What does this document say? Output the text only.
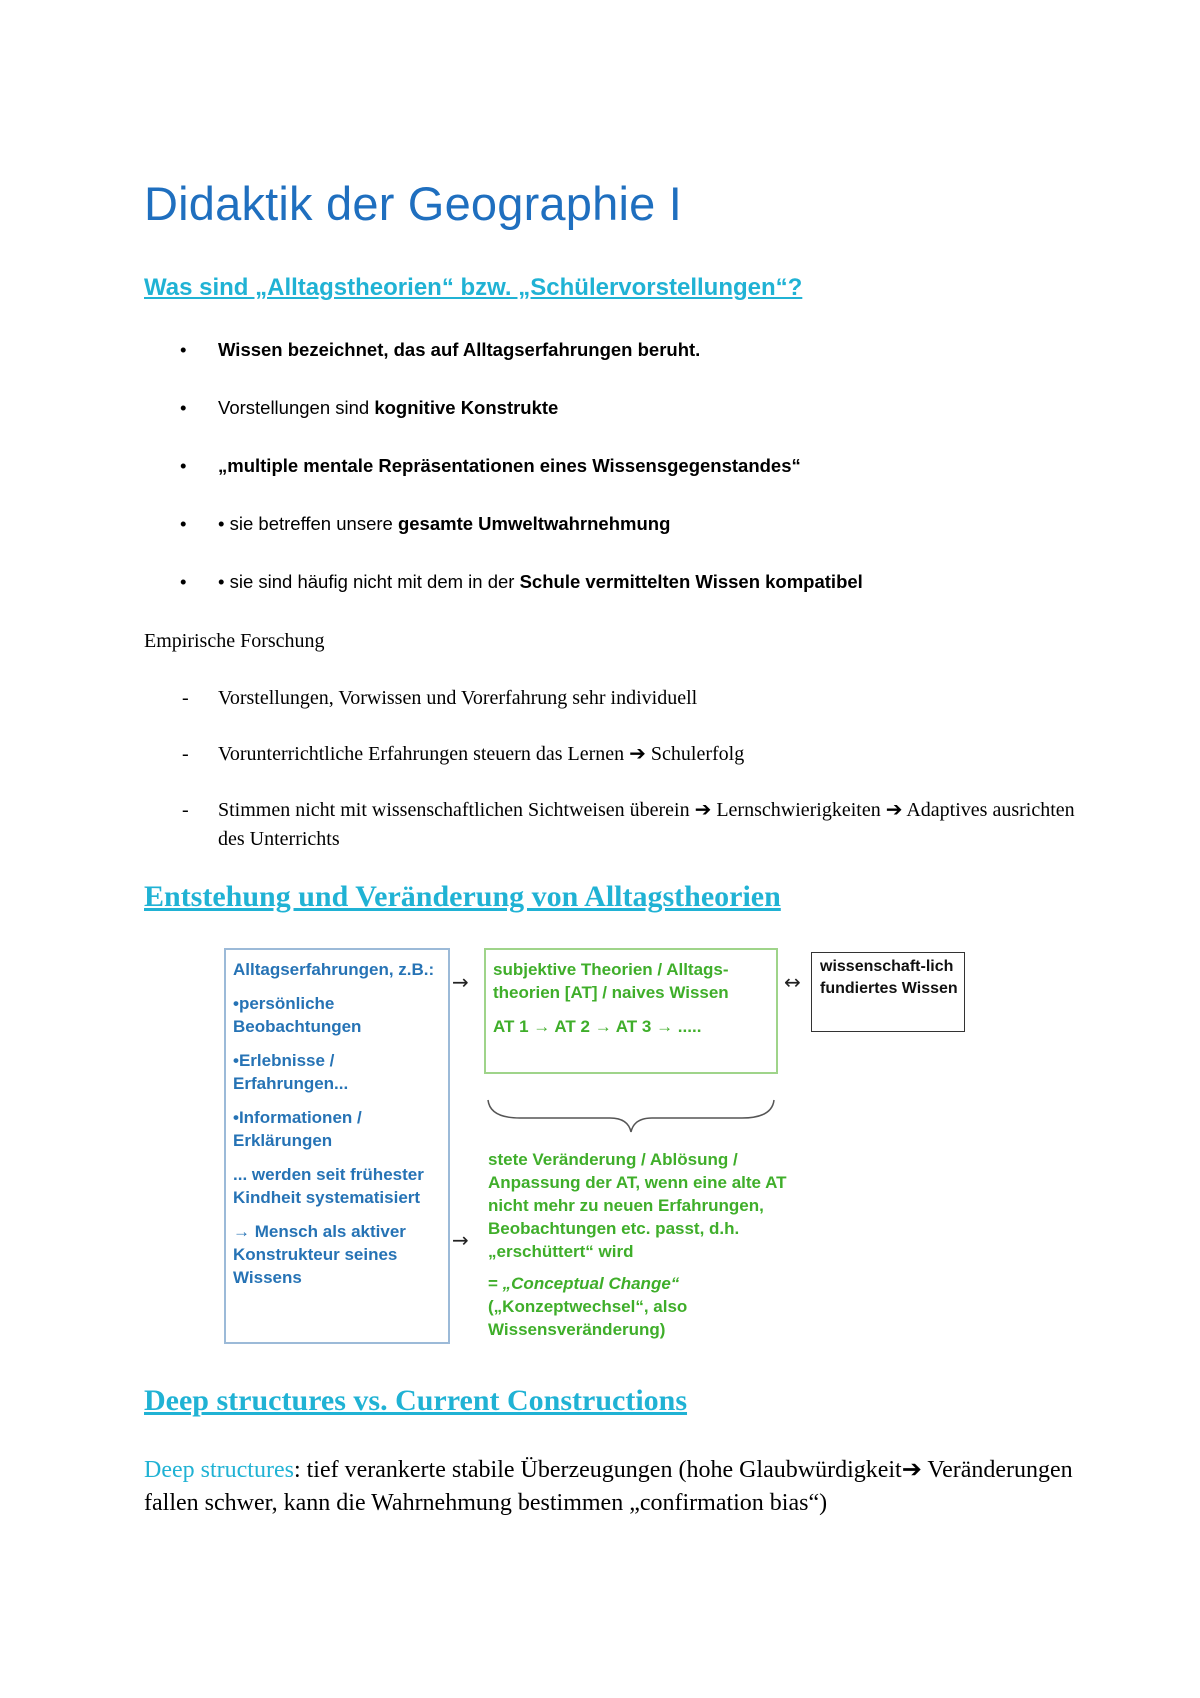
Didaktik der Geographie I
Was sind „Alltagstheorien“ bzw. „Schülervorstellungen“?
• Wissen bezeichnet, das auf Alltagserfahrungen beruht.
• Vorstellungen sind kognitive Konstrukte
• „multiple mentale Repräsentationen eines Wissensgegenstandes“
• • sie betreffen unsere gesamte Umweltwahrnehmung
• • sie sind häufig nicht mit dem in der Schule vermittelten Wissen kompatibel
Empirische Forschung
- Vorstellungen, Vorwissen und Vorerfahrung sehr individuell
- Vorunterrichtliche Erfahrungen steuern das Lernen ➔ Schulerfolg
- Stimmen nicht mit wissenschaftlichen Sichtweisen überein ➔ Lernschwierigkeiten ➔ Adaptives ausrichten des Unterrichts
Entstehung und Veränderung von Alltagstheorien

Alltagserfahrungen, z.B.:

•persönliche Beobachtungen

•Erlebnisse / Erfahrungen...

•Informationen / Erklärungen

... werden seit frühester Kindheit systematisiert

→ Mensch als aktiver Konstrukteur seines Wissens

→

subjektive Theorien / Alltags-theorien [AT] / naives Wissen

AT 1 → AT 2 → AT 3 → .....

↔
wissenschaft-lich fundiertes Wissen
→

stete Veränderung / Ablösung / Anpassung der AT, wenn eine alte AT nicht mehr zu neuen Erfahrungen, Beobachtungen etc. passt, d.h. „erschüttert“ wird

= „Conceptual Change“
(„Konzeptwechsel“, also Wissensveränderung)

Deep structures vs. Current Constructions
Deep structures: tief verankerte stabile Überzeugungen (hohe Glaubwürdigkeit➔ Veränderungen fallen schwer, kann die Wahrnehmung bestimmen „confirmation bias“)
